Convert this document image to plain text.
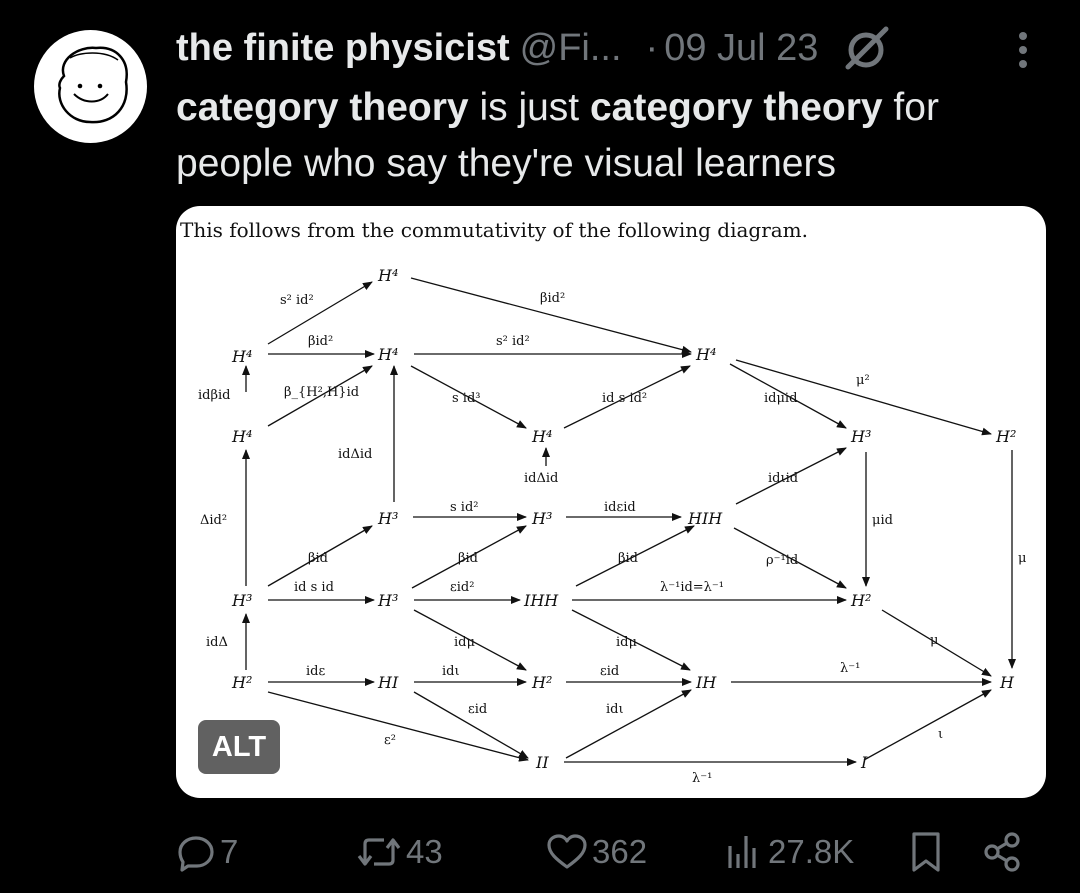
the finite physicist @Fi... · 09 Jul 23
category theory is just category theory for people who say they're visual learners
This follows from the commutativity of the following diagram.
H⁴
H⁴	H⁴	H⁴
H⁴	H⁴	H³	H²
H³	H³
H³
HIH
H³	IHH	H²
H²	HI	H²	IH	H
II	I
s² id²	βid²
βid²	s² id²
idβid	β_{H²,H}id	s id³	id s id²	idμid
μ²
idΔid
idΔid	idιid
Δid²
s id²	idεid
μid
μ
βid	βid	βid	ρ⁻¹id
id s id	εid²	λ⁻¹id=λ⁻¹
idΔ	idμ	idμ	μ
idε	idι	εid	λ⁻¹
εid	idι
ε²	ι
λ⁻¹
ALT
7	43	362	27.8K
